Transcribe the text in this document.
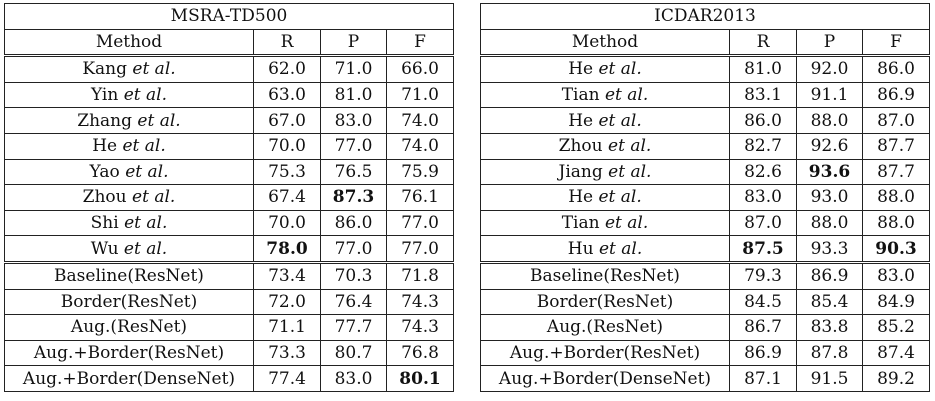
MSRA-TD500					ICDAR2013			
Method	R	P	F		Method	R	P	F
Kang et al.	62.0	71.0	66.0		He et al.	81.0	92.0	86.0
Yin et al.	63.0	81.0	71.0		Tian et al.	83.1	91.1	86.9
Zhang et al.	67.0	83.0	74.0		He et al.	86.0	88.0	87.0
He et al.	70.0	77.0	74.0		Zhou et al.	82.7	92.6	87.7
Yao et al.	75.3	76.5	75.9		Jiang et al.	82.6	93.6	87.7
Zhou et al.	67.4	87.3	76.1		He et al.	83.0	93.0	88.0
Shi et al.	70.0	86.0	77.0		Tian et al.	87.0	88.0	88.0
Wu et al.	78.0	77.0	77.0		Hu et al.	87.5	93.3	90.3
Baseline(ResNet)	73.4	70.3	71.8		Baseline(ResNet)	79.3	86.9	83.0
Border(ResNet)	72.0	76.4	74.3		Border(ResNet)	84.5	85.4	84.9
Aug.(ResNet)	71.1	77.7	74.3		Aug.(ResNet)	86.7	83.8	85.2
Aug.+Border(ResNet)	73.3	80.7	76.8		Aug.+Border(ResNet)	86.9	87.8	87.4
Aug.+Border(DenseNet)	77.4	83.0	80.1		Aug.+Border(DenseNet)	87.1	91.5	89.2
